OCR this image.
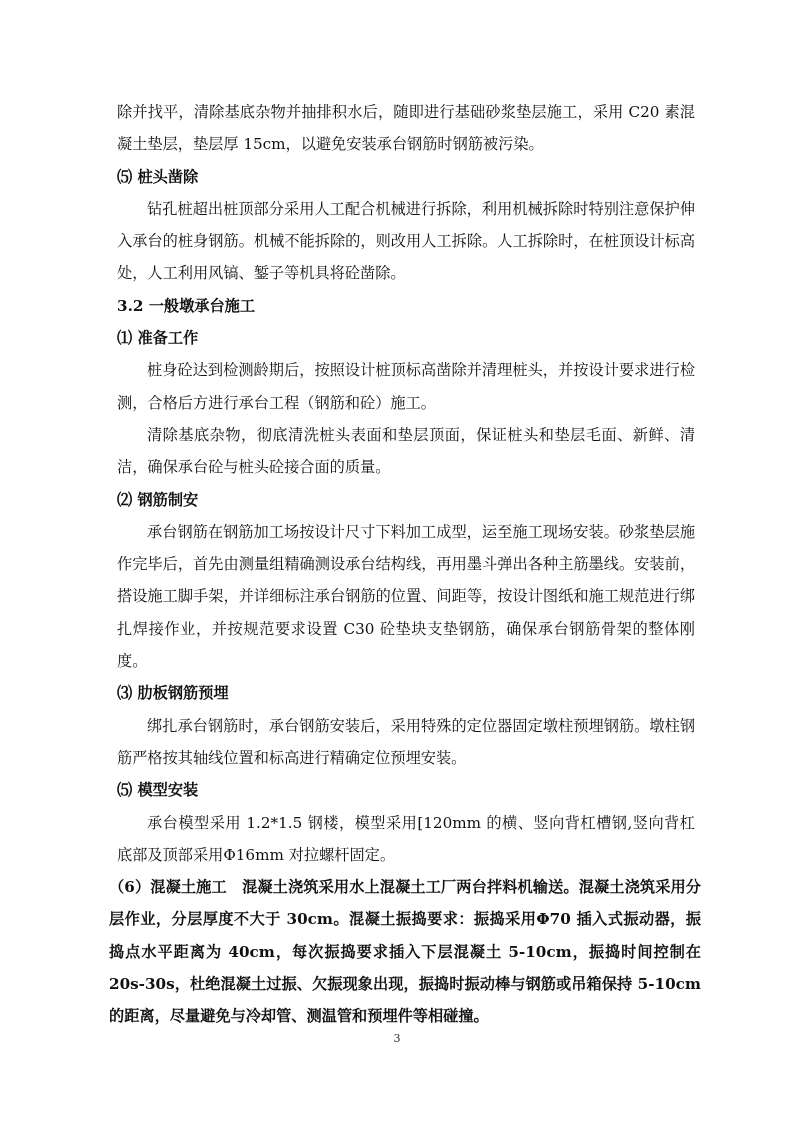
除并找平，清除基底杂物并抽排积水后，随即进行基础砂浆垫层施工，采用 C20 素混凝土垫层，垫层厚 15cm，以避免安装承台钢筋时钢筋被污染。

⑸ 桩头凿除

钻孔桩超出桩顶部分采用人工配合机械进行拆除，利用机械拆除时特别注意保护伸入承台的桩身钢筋。机械不能拆除的，则改用人工拆除。人工拆除时，在桩顶设计标高处，人工利用风镐、錾子等机具将砼凿除。

3.2 一般墩承台施工

⑴ 准备工作

桩身砼达到检测龄期后，按照设计桩顶标高凿除并清理桩头，并按设计要求进行检测，合格后方进行承台工程（钢筋和砼）施工。

清除基底杂物，彻底清洗桩头表面和垫层顶面，保证桩头和垫层毛面、新鲜、清洁，确保承台砼与桩头砼接合面的质量。

⑵ 钢筋制安

承台钢筋在钢筋加工场按设计尺寸下料加工成型，运至施工现场安装。砂浆垫层施作完毕后，首先由测量组精确测设承台结构线，再用墨斗弹出各种主筋墨线。安装前，搭设施工脚手架，并详细标注承台钢筋的位置、间距等，按设计图纸和施工规范进行绑扎焊接作业，并按规范要求设置 C30 砼垫块支垫钢筋，确保承台钢筋骨架的整体刚度。

⑶ 肋板钢筋预埋

绑扎承台钢筋时，承台钢筋安装后，采用特殊的定位器固定墩柱预埋钢筋。墩柱钢筋严格按其轴线位置和标高进行精确定位预埋安装。

⑸ 模型安装

承台模型采用 1.2*1.5 钢楼，模型采用[120mm 的横、竖向背杠槽钢,竖向背杠底部及顶部采用Φ16mm 对拉螺杆固定。

（6）混凝土施工　混凝土浇筑采用水上混凝土工厂两台拌料机输送。混凝土浇筑采用分层作业，分层厚度不大于 30cm。混凝土振捣要求：振捣采用Φ70 插入式振动器，振捣点水平距离为 40cm，每次振捣要求插入下层混凝土 5-10cm，振捣时间控制在 20s-30s，杜绝混凝土过振、欠振现象出现，振捣时振动棒与钢筋或吊箱保持 5-10cm 的距离，尽量避免与冷却管、测温管和预埋件等相碰撞。

3
